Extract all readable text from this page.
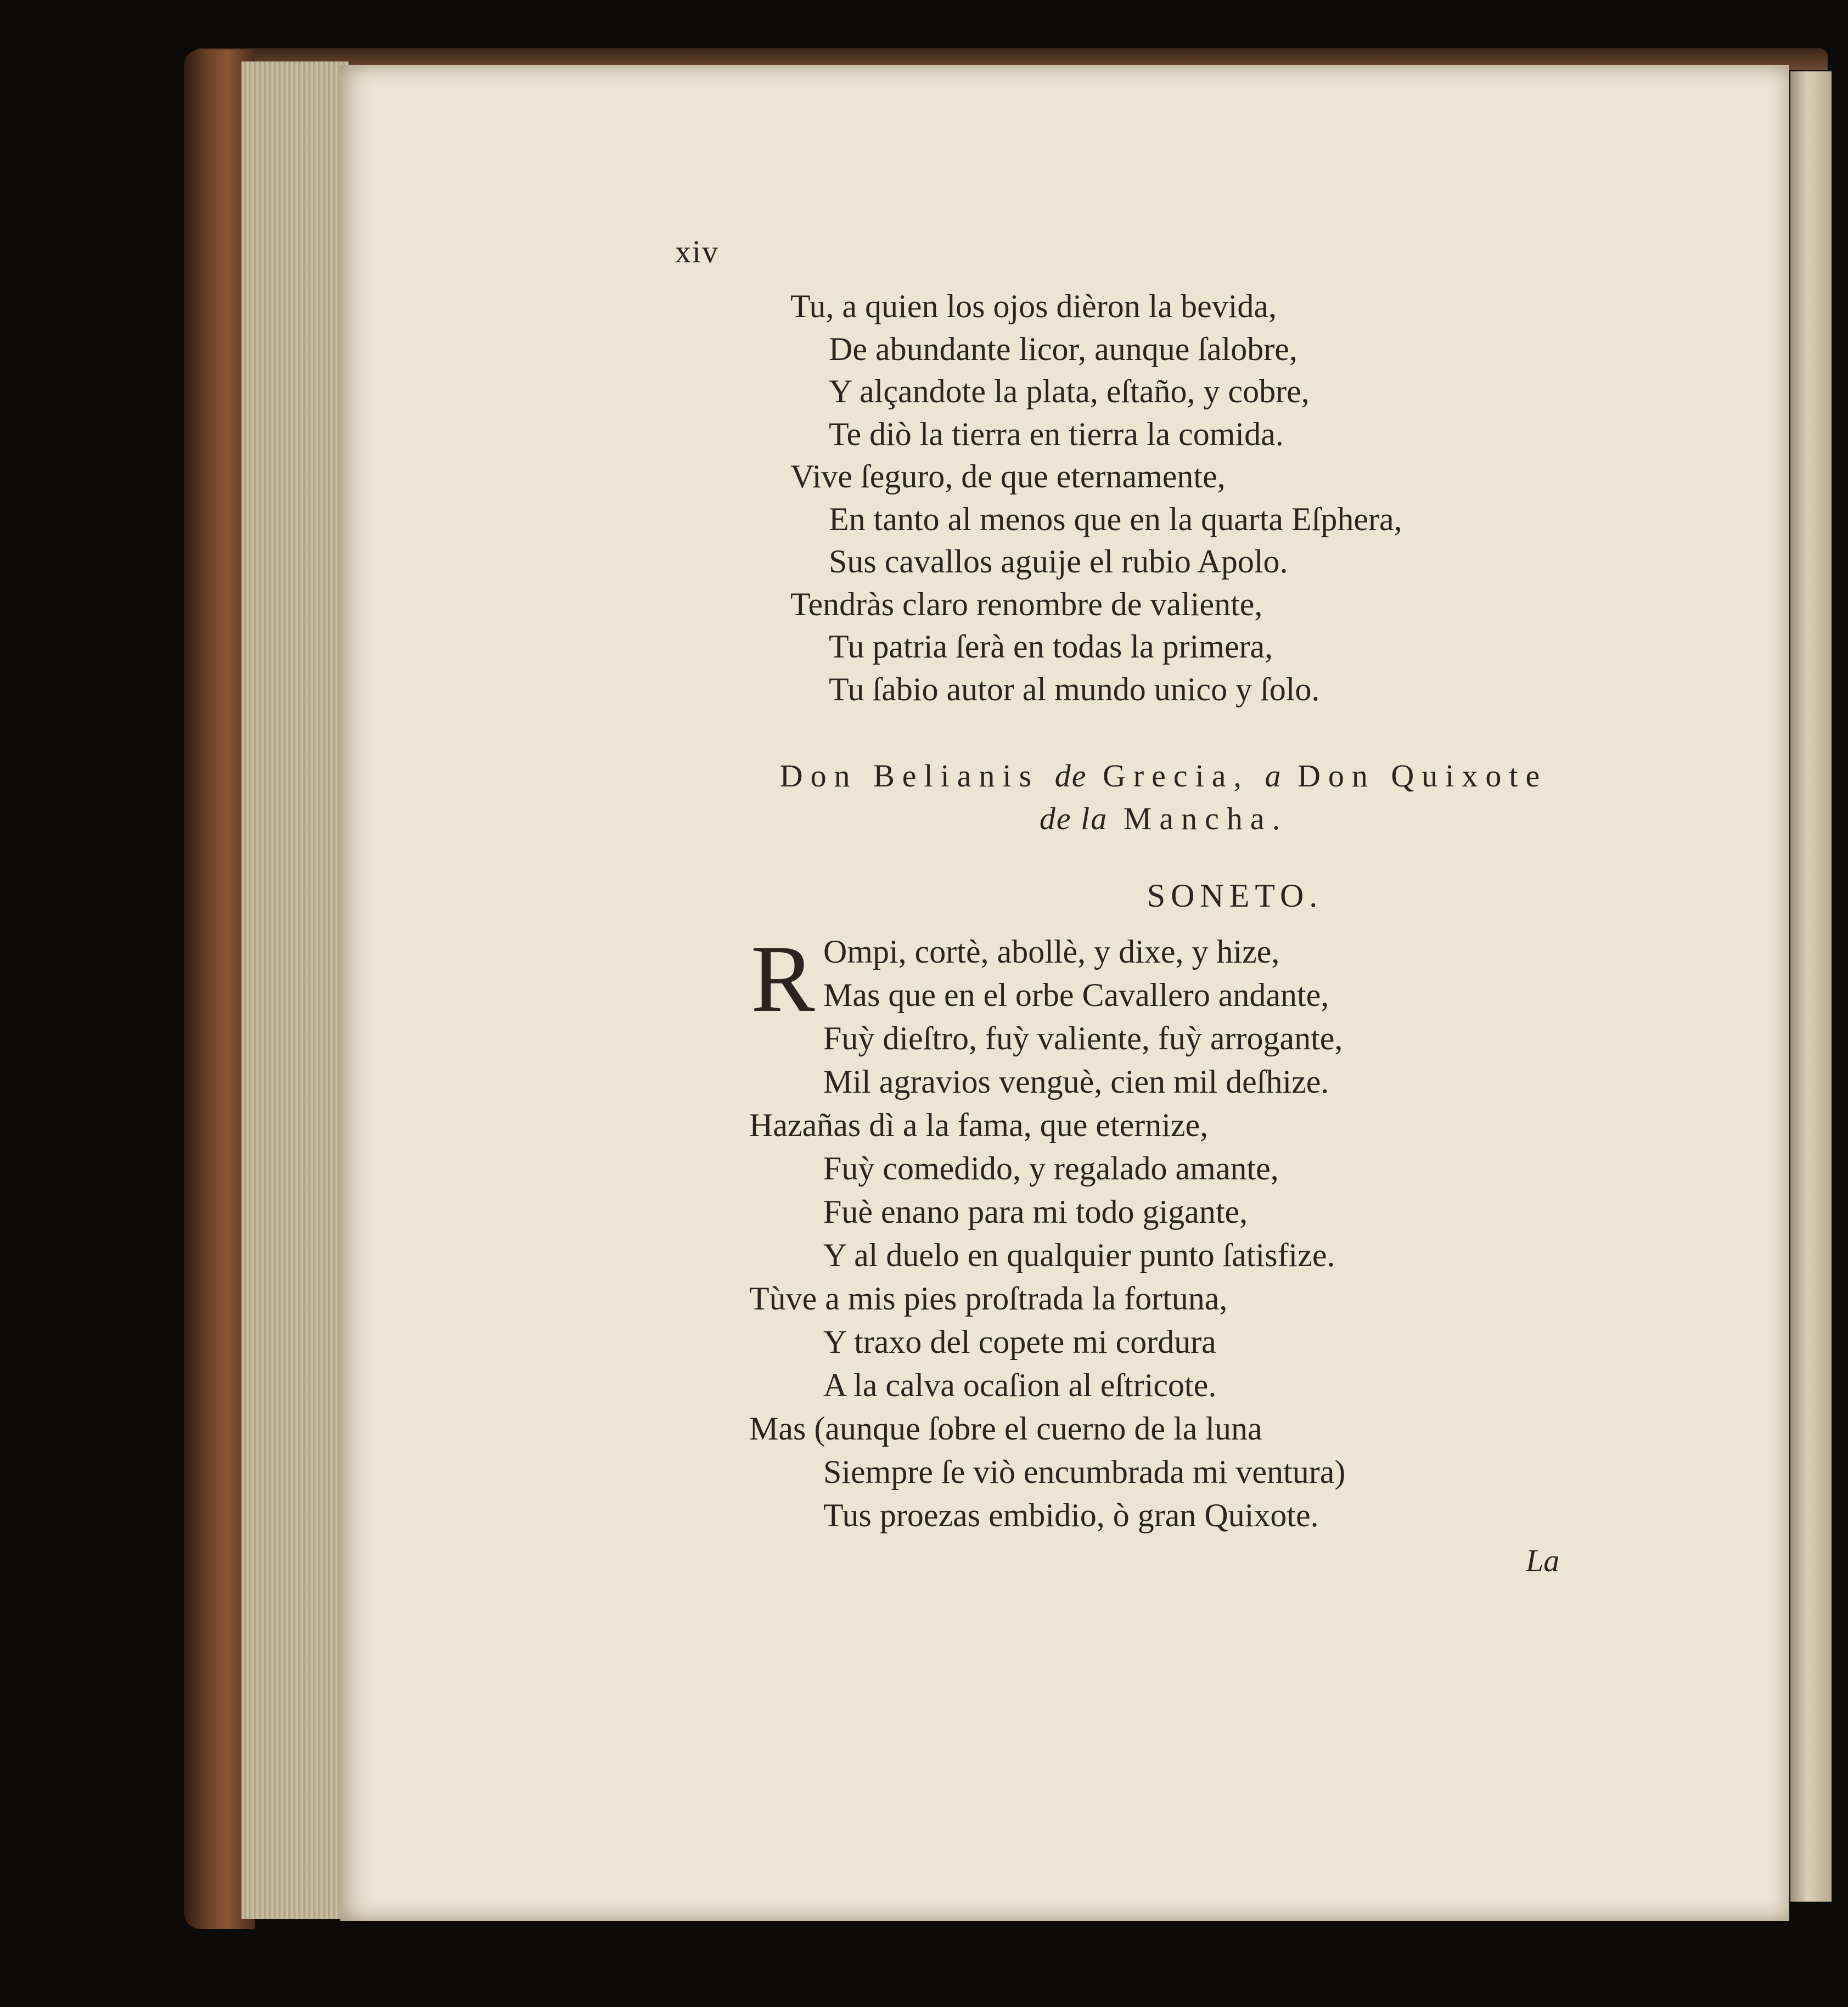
xiv
Tu, a quien los ojos dièron la bevida,
De abundante licor, aunque ſalobre,
Y alçandote la plata, eſtaño, y cobre,
Te diò la tierra en tierra la comida.
Vive ſeguro, de que eternamente,
En tanto al menos que en la quarta Eſphera,
Sus cavallos aguije el rubio Apolo.
Tendràs claro renombre de valiente,
Tu patria ſerà en todas la primera,
Tu ſabio autor al mundo unico y ſolo.
Don Belianis de Grecia, a Don Quixote
de la Mancha.
SONETO.
R Ompi, cortè, abollè, y dixe, y hize,
Mas que en el orbe Cavallero andante,
Fuỳ dieſtro, fuỳ valiente, fuỳ arrogante,
Mil agravios venguè, cien mil deſhize.
Hazañas dì a la fama, que eternize,
Fuỳ comedido, y regalado amante,
Fuè enano para mi todo gigante,
Y al duelo en qualquier punto ſatisfize.
Tùve a mis pies proſtrada la fortuna,
Y traxo del copete mi cordura
A la calva ocaſion al eſtricote.
Mas (aunque ſobre el cuerno de la luna
Siempre ſe viò encumbrada mi ventura)
Tus proezas embidio, ò gran Quixote.
La
